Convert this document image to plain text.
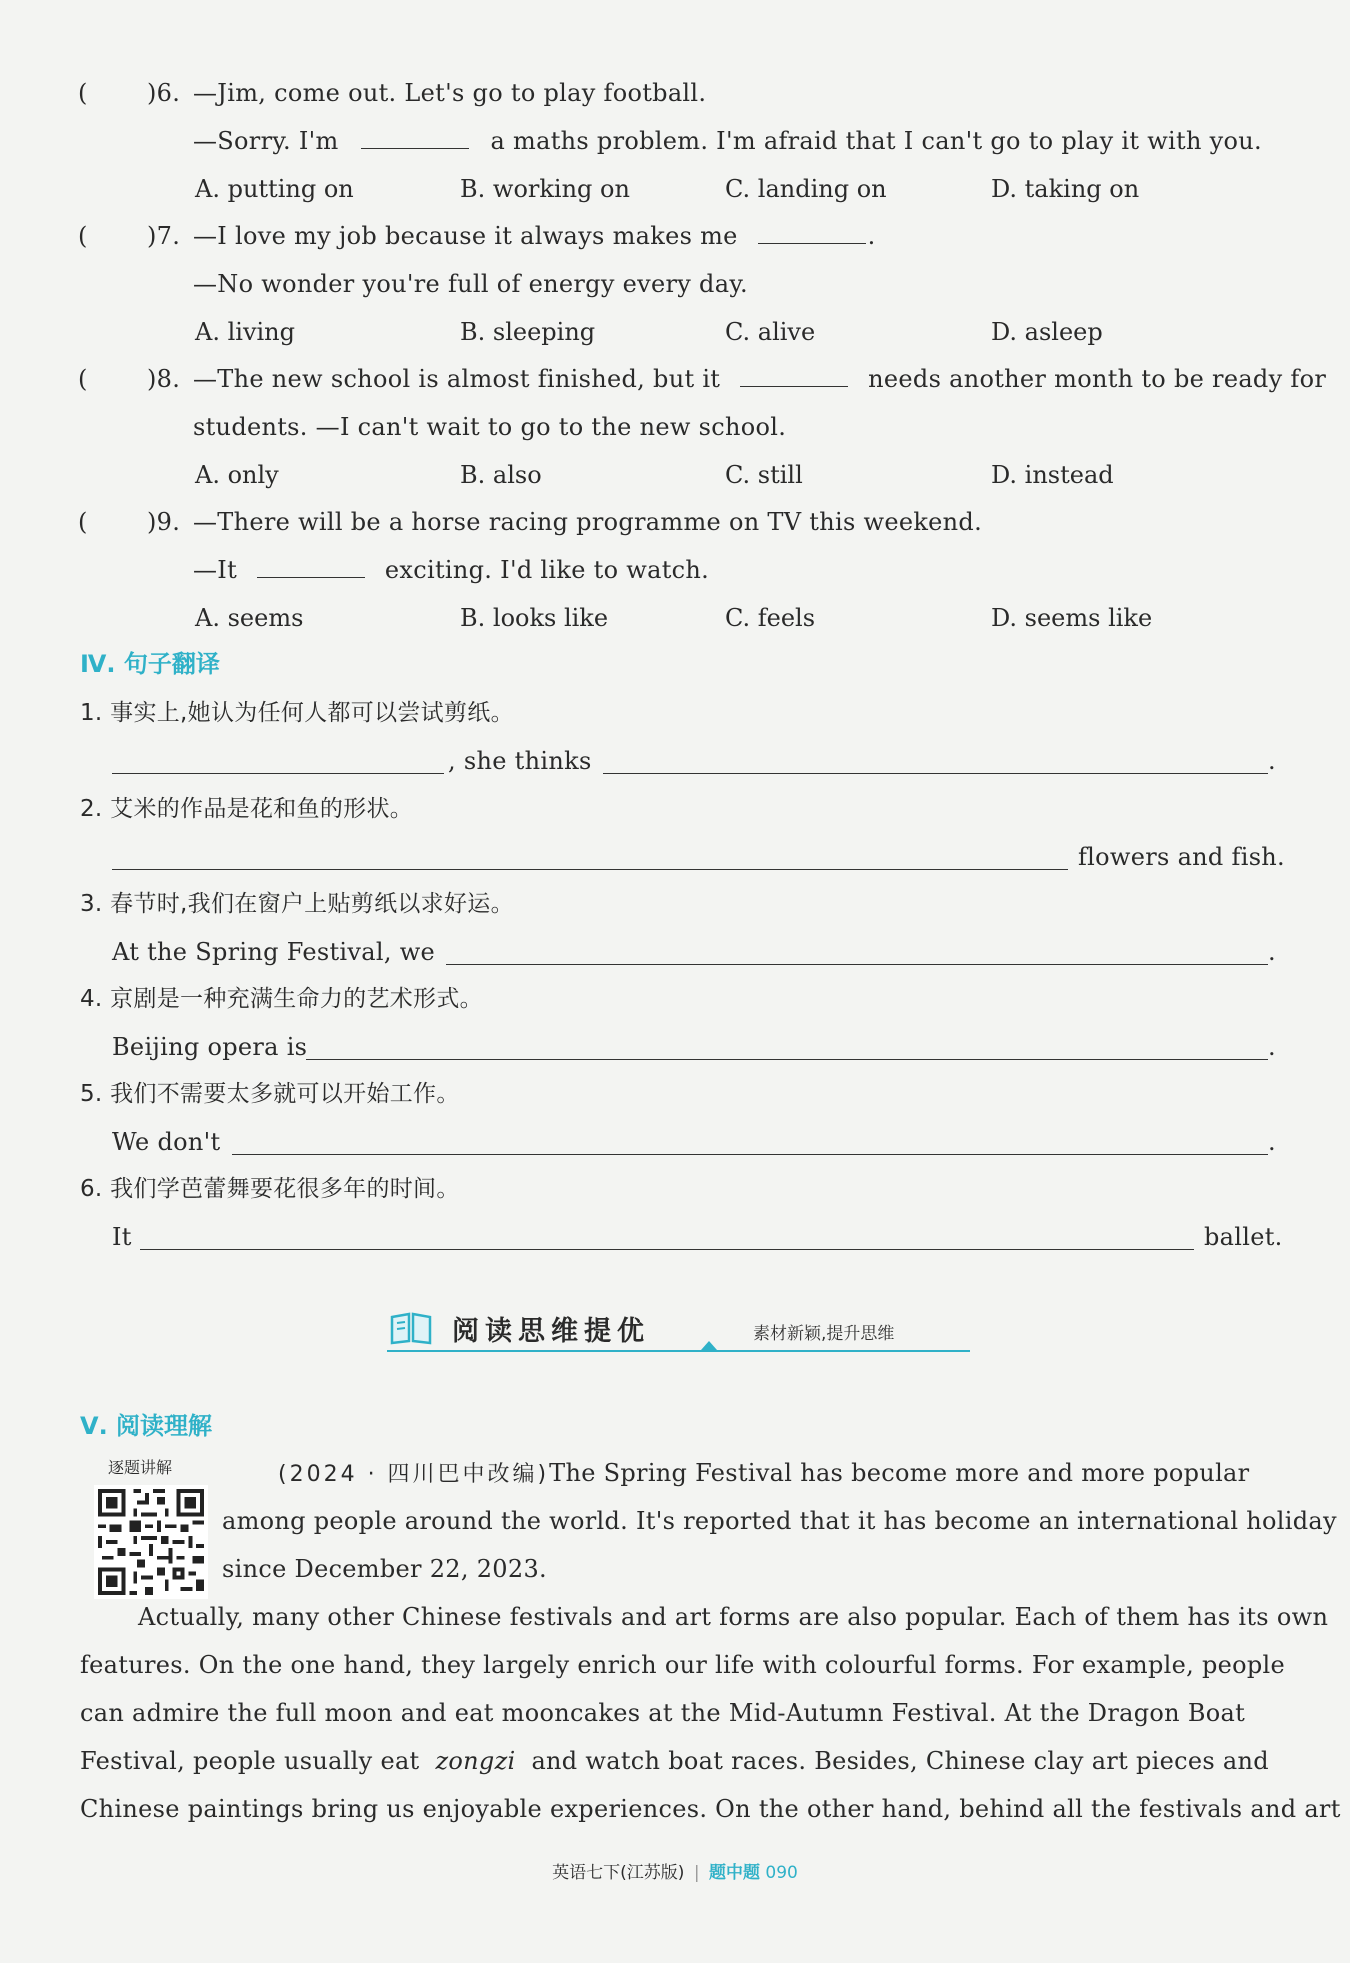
( )6. —Jim, come out. Let's go to play football.
—Sorry. I'm	a maths problem. I'm afraid that I can't go to play it with you.
A. putting on	B. working on	C. landing on	D. taking on
( )7. —I love my job because it always makes me	.
—No wonder you're full of energy every day.
A. living	B. sleeping	C. alive	D. asleep
( )8. —The new school is almost finished, but it	needs another month to be ready for
students. —I can't wait to go to the new school.
A. only	B. also	C. still	D. instead
( )9. —There will be a horse racing programme on TV this weekend.
—It	exciting. I'd like to watch.
A. seems	B. looks like	C. feels	D. seems like
Ⅳ. 句子翻译
1. 事实上,她认为任何人都可以尝试剪纸。
, she thinks	.
2. 艾米的作品是花和鱼的形状。
flowers and fish.
3. 春节时,我们在窗户上贴剪纸以求好运。
At the Spring Festival, we	.
4. 京剧是一种充满生命力的艺术形式。
Beijing opera is	.
5. 我们不需要太多就可以开始工作。
We don't	.
6. 我们学芭蕾舞要花很多年的时间。
It	ballet.
阅读思维提优	素材新颖,提升思维
Ⅴ. 阅读理解
逐题讲解	(2024 · 四川巴中改编)The Spring Festival has become more and more popular
among people around the world. It's reported that it has become an international holiday
since December 22, 2023.
Actually, many other Chinese festivals and art forms are also popular. Each of them has its own
features. On the one hand, they largely enrich our life with colourful forms. For example, people
can admire the full moon and eat mooncakes at the Mid-Autumn Festival. At the Dragon Boat
Festival, people usually eat zongzi and watch boat races. Besides, Chinese clay art pieces and
Chinese paintings bring us enjoyable experiences. On the other hand, behind all the festivals and art
英语七下(江苏版) | 题中题 090
